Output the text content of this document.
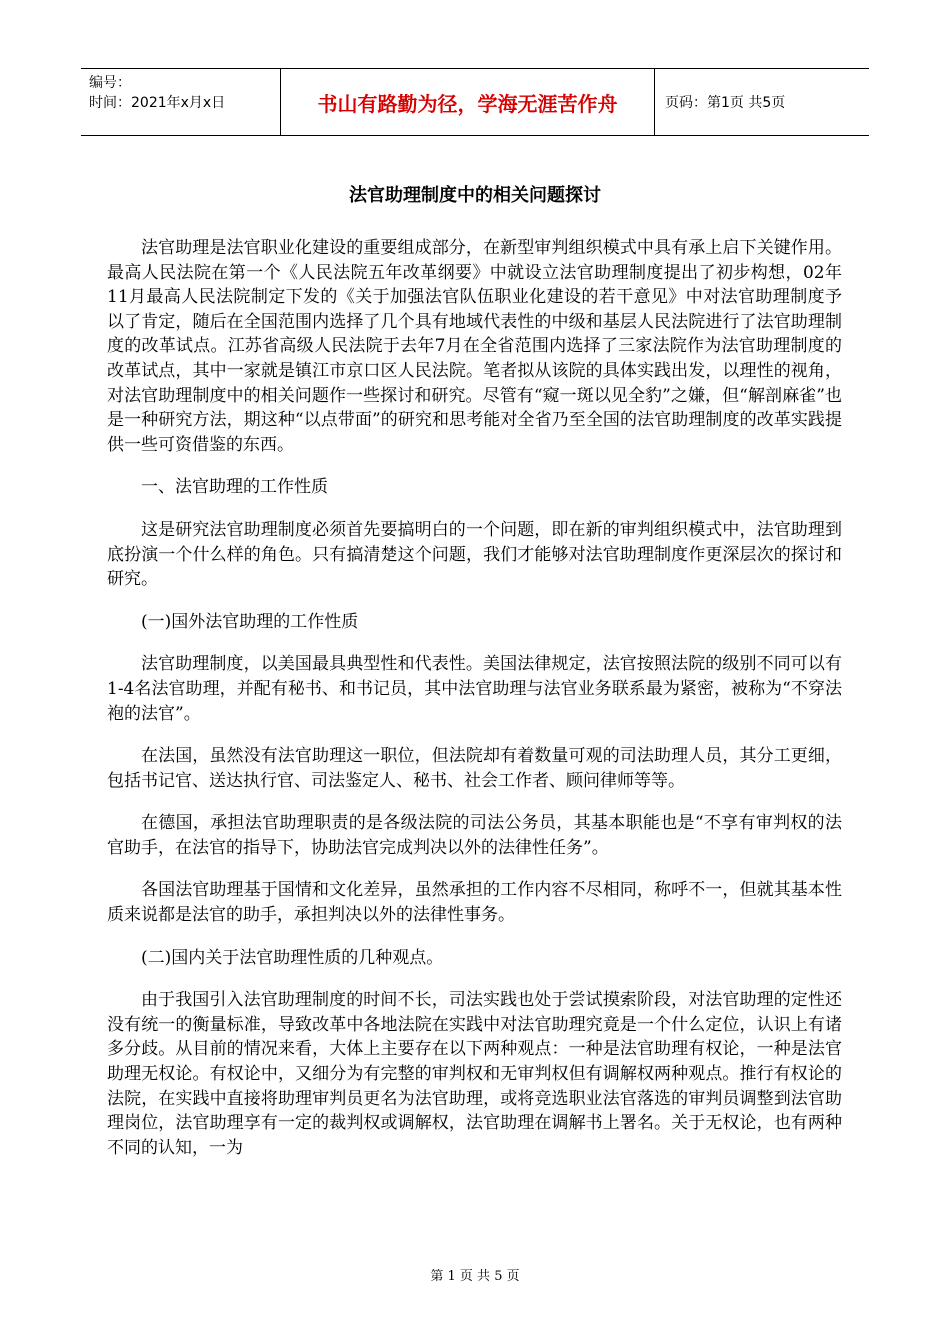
编号：
时间：2021年x月x日	书山有路勤为径，学海无涯苦作舟	页码：第1页 共5页
法官助理制度中的相关问题探讨

法官助理是法官职业化建设的重要组成部分，在新型审判组织模式中具有承上启下关键作用。最高人民法院在第一个《人民法院五年改革纲要》中就设立法官助理制度提出了初步构想，02年11月最高人民法院制定下发的《关于加强法官队伍职业化建设的若干意见》中对法官助理制度予以了肯定，随后在全国范围内选择了几个具有地域代表性的中级和基层人民法院进行了法官助理制度的改革试点。江苏省高级人民法院于去年7月在全省范围内选择了三家法院作为法官助理制度的改革试点，其中一家就是镇江市京口区人民法院。笔者拟从该院的具体实践出发，以理性的视角，对法官助理制度中的相关问题作一些探讨和研究。尽管有“窥一斑以见全豹”之嫌，但“解剖麻雀”也是一种研究方法，期这种“以点带面”的研究和思考能对全省乃至全国的法官助理制度的改革实践提供一些可资借鉴的东西。

一、法官助理的工作性质

这是研究法官助理制度必须首先要搞明白的一个问题，即在新的审判组织模式中，法官助理到底扮演一个什么样的角色。只有搞清楚这个问题，我们才能够对法官助理制度作更深层次的探讨和研究。

(一)国外法官助理的工作性质

法官助理制度，以美国最具典型性和代表性。美国法律规定，法官按照法院的级别不同可以有1-4名法官助理，并配有秘书、和书记员，其中法官助理与法官业务联系最为紧密，被称为“不穿法袍的法官”。

在法国，虽然没有法官助理这一职位，但法院却有着数量可观的司法助理人员，其分工更细，包括书记官、送达执行官、司法鉴定人、秘书、社会工作者、顾问律师等等。

在德国，承担法官助理职责的是各级法院的司法公务员，其基本职能也是“不享有审判权的法官助手，在法官的指导下，协助法官完成判决以外的法律性任务”。

各国法官助理基于国情和文化差异，虽然承担的工作内容不尽相同，称呼不一，但就其基本性质来说都是法官的助手，承担判决以外的法律性事务。

(二)国内关于法官助理性质的几种观点。

由于我国引入法官助理制度的时间不长，司法实践也处于尝试摸索阶段，对法官助理的定性还没有统一的衡量标准，导致改革中各地法院在实践中对法官助理究竟是一个什么定位，认识上有诸多分歧。从目前的情况来看，大体上主要存在以下两种观点：一种是法官助理有权论，一种是法官助理无权论。有权论中，又细分为有完整的审判权和无审判权但有调解权两种观点。推行有权论的法院，在实践中直接将助理审判员更名为法官助理，或将竞选职业法官落选的审判员调整到法官助理岗位，法官助理享有一定的裁判权或调解权，法官助理在调解书上署名。关于无权论，也有两种不同的认知，一为

第 1 页 共 5 页
